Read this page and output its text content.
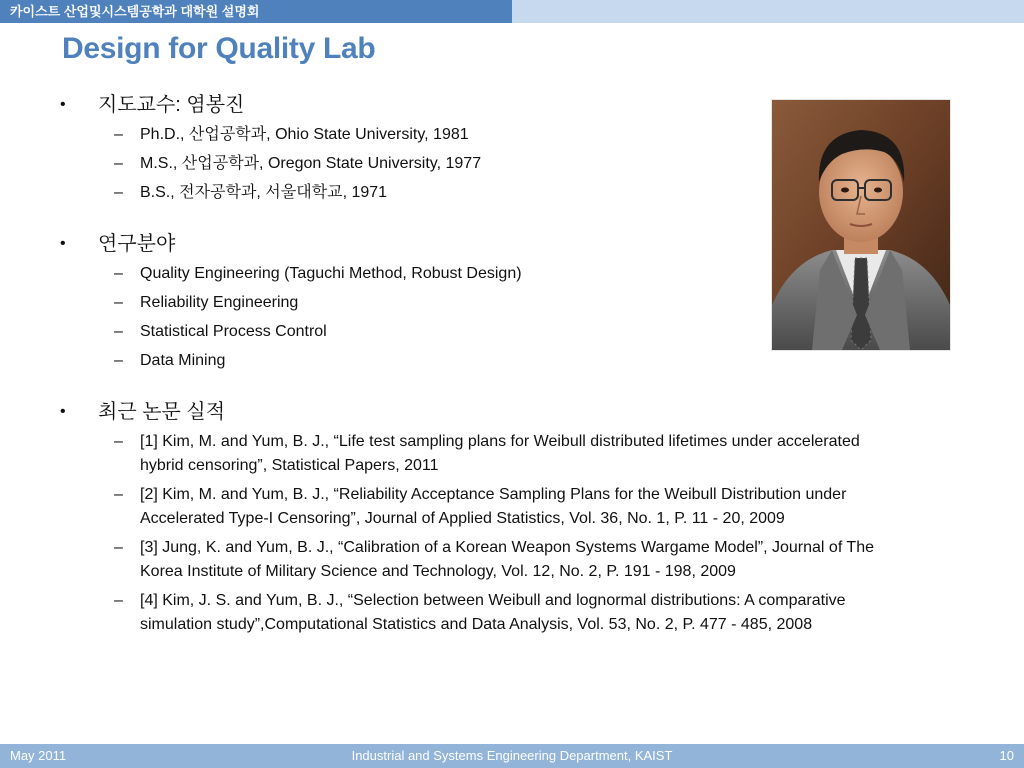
카이스트 산업및시스템공학과 대학원 설명회
Design for Quality Lab
• 지도교수: 염봉진
– Ph.D., 산업공학과, Ohio State University, 1981
– M.S., 산업공학과, Oregon State University, 1977
– B.S., 전자공학과, 서울대학교, 1971
• 연구분야
– Quality Engineering (Taguchi Method, Robust Design)
– Reliability Engineering
– Statistical Process Control
– Data Mining
• 최근 논문 실적
– [1] Kim, M. and Yum, B. J., “Life test sampling plans for Weibull distributed lifetimes under accelerated hybrid censoring”, Statistical Papers, 2011
– [2] Kim, M. and Yum, B. J., “Reliability Acceptance Sampling Plans for the Weibull Distribution under Accelerated Type-I Censoring”, Journal of Applied Statistics, Vol. 36, No. 1, P. 11 - 20, 2009
– [3] Jung, K. and Yum, B. J., “Calibration of a Korean Weapon Systems Wargame Model”, Journal of The Korea Institute of Military Science and Technology, Vol. 12, No. 2, P. 191 - 198, 2009
– [4] Kim, J. S. and Yum, B. J., “Selection between Weibull and lognormal distributions: A comparative simulation study”,Computational Statistics and Data Analysis, Vol. 53, No. 2, P. 477 - 485, 2008
May 2011	Industrial and Systems Engineering Department, KAIST	10
